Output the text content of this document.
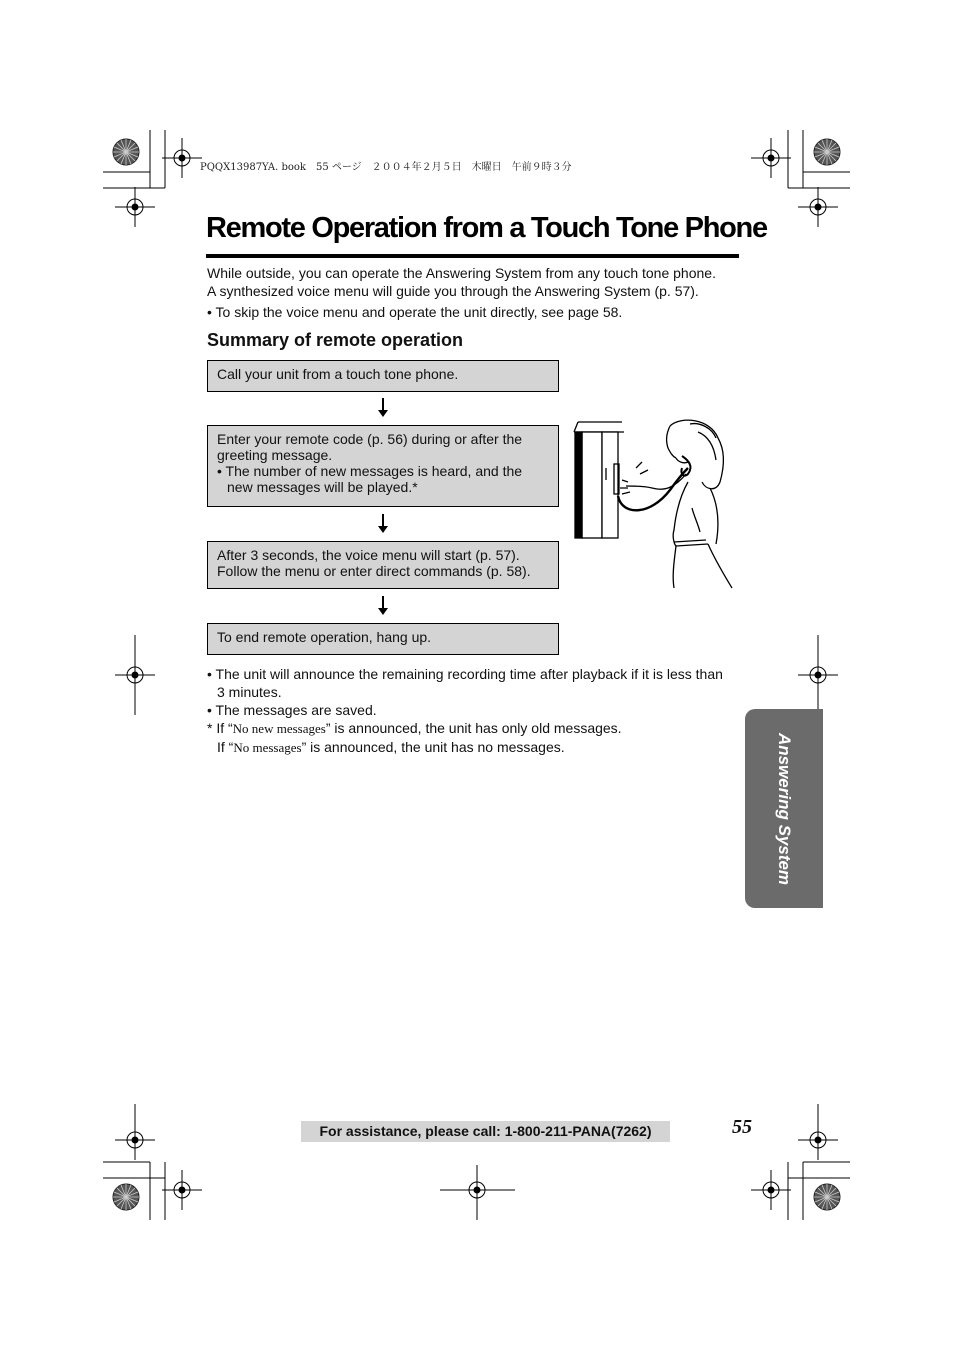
PQQX13987YA. book　55 ページ　２００４年２月５日　木曜日　午前９時３分
Remote Operation from a Touch Tone Phone

While outside, you can operate the Answering System from any touch tone phone.

A synthesized voice menu will guide you through the Answering System (p. 57).

• To skip the voice menu and operate the unit directly, see page 58.

Summary of remote operation
Call your unit from a touch tone phone.
Enter your remote code (p. 56) during or after the
greeting message.
• The number of new messages is heard, and the
new messages will be played.*
After 3 seconds, the voice menu will start (p. 57).
Follow the menu or enter direct commands (p. 58).
To end remote operation, hang up.
• The unit will announce the remaining recording time after playback if it is less than
3 minutes.
• The messages are saved.
* If “No new messages” is announced, the unit has only old messages.
If “No messages” is announced, the unit has no messages.	Answering System
For assistance, please call: 1-800-211-PANA(7262)	55
